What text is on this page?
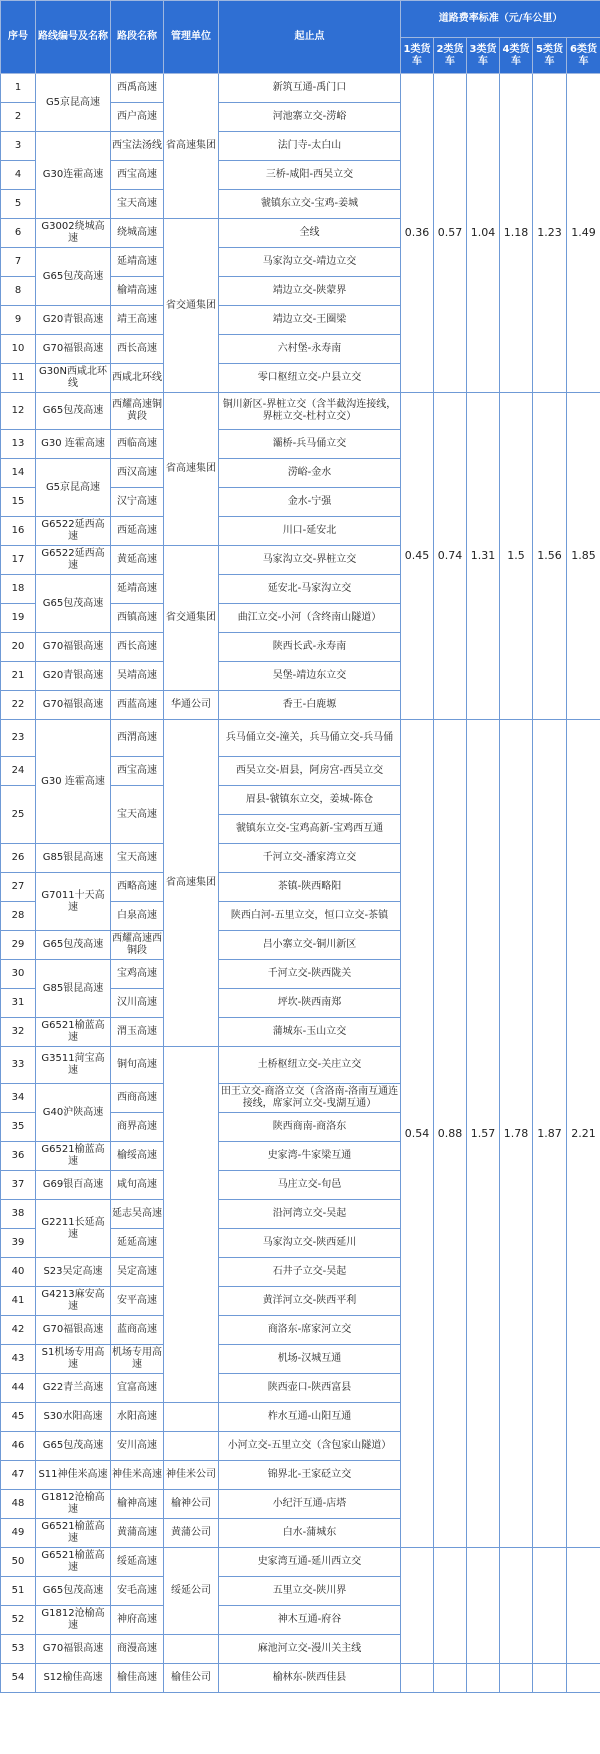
序号	路线编号及名称	路段名称	管理单位	起止点	道路费率标准（元/车公里）					
					1类货车	2类货车	3类货车	4类货车	5类货车	6类货车
1	G5京昆高速	西禹高速	省高速集团	新筑互通-禹门口	0.36	0.57	1.04	1.18	1.23	1.49
2		西户高速		河池寨立交-涝峪						
3	G30连霍高速	西宝法汤线		法门寺-太白山						
4		西宝高速		三桥-咸阳-西吴立交						
5		宝天高速		虢镇东立交-宝鸡-姜城						
6	G3002绕城高速	绕城高速	省交通集团	全线						
7	G65包茂高速	延靖高速		马家沟立交-靖边立交						
8		榆靖高速		靖边立交-陕蒙界						
9	G20青银高速	靖王高速		靖边立交-王圈梁						
10	G70福银高速	西长高速		六村堡-永寿南						
11	G30N西咸北环线	西咸北环线		零口枢纽立交-户县立交						
12	G65包茂高速	西耀高速铜黄段	省高速集团	铜川新区-界桩立交（含半截沟连接线，界桩立交-杜村立交）	0.45	0.74	1.31	1.5	1.56	1.85
13	G30 连霍高速	西临高速		灞桥-兵马俑立交						
14	G5京昆高速	西汉高速		涝峪-金水						
15		汉宁高速		金水-宁强						
16	G6522延西高速	西延高速		川口-延安北						
17	G6522延西高速	黄延高速	省交通集团	马家沟立交-界桩立交						
18	G65包茂高速	延靖高速		延安北-马家沟立交						
19		西镇高速		曲江立交-小河（含终南山隧道）						
20	G70福银高速	西长高速		陕西长武-永寿南						
21	G20青银高速	吴靖高速		吴堡-靖边东立交						
22	G70福银高速	西蓝高速	华通公司	香王-白鹿塬						
23	G30 连霍高速	西渭高速	省高速集团	兵马俑立交-潼关，兵马俑立交-兵马俑	0.54	0.88	1.57	1.78	1.87	2.21
24		西宝高速		西吴立交-眉县，阿房宫-西吴立交						
25		宝天高速		眉县-虢镇东立交，姜城-陈仓						
				虢镇东立交-宝鸡高新-宝鸡西互通						
26	G85银昆高速	宝天高速		千河立交-潘家湾立交						
27	G7011十天高速	西略高速		茶镇-陕西略阳						
28		白泉高速		陕西白河-五里立交，恒口立交-茶镇						
29	G65包茂高速	西耀高速西铜段		吕小寨立交-铜川新区						
30	G85银昆高速	宝鸡高速		千河立交-陕西陇关						
31		汉川高速		坪坎-陕西南郑						
32	G6521榆蓝高速	渭玉高速		蒲城东-玉山立交						
33	G3511菏宝高速	铜旬高速		土桥枢纽立交-关庄立交						
34	G40沪陕高速	西商高速		田王立交-商洛立交（含洛南-洛南互通连接线，席家河立交-曳湖互通）						
35		商界高速		陕西商南-商洛东						
36	G6521榆蓝高速	榆绥高速		史家湾-牛家梁互通						
37	G69银百高速	咸旬高速		马庄立交-旬邑						
38	G2211长延高速	延志吴高速		沿河湾立交-吴起						
39		延延高速		马家沟立交-陕西延川						
40	S23吴定高速	吴定高速		石井子立交-吴起						
41	G4213麻安高速	安平高速		黄洋河立交-陕西平利						
42	G70福银高速	蓝商高速		商洛东-席家河立交						
43	S1机场专用高速	机场专用高速		机场-汉城互通						
44	G22青兰高速	宜富高速		陕西壶口-陕西富县						
45	S30水阳高速	水阳高速		柞水互通-山阳互通						
46	G65包茂高速	安川高速		小河立交-五里立交（含包家山隧道）						
47	S11神佳米高速	神佳米高速	神佳米公司	锦界北-王家砭立交						
48	G1812沧榆高速	榆神高速	榆神公司	小纪汗互通-店塔						
49	G6521榆蓝高速	黄蒲高速	黄蒲公司	白水-蒲城东						
50	G6521榆蓝高速	绥延高速	绥延公司	史家湾互通-延川西立交						
51	G65包茂高速	安毛高速		五里立交-陕川界						
52	G1812沧榆高速	神府高速		神木互通-府谷						
53	G70福银高速	商漫高速		麻池河立交-漫川关主线						
54	S12榆佳高速	榆佳高速	榆佳公司	榆林东-陕西佳县						
